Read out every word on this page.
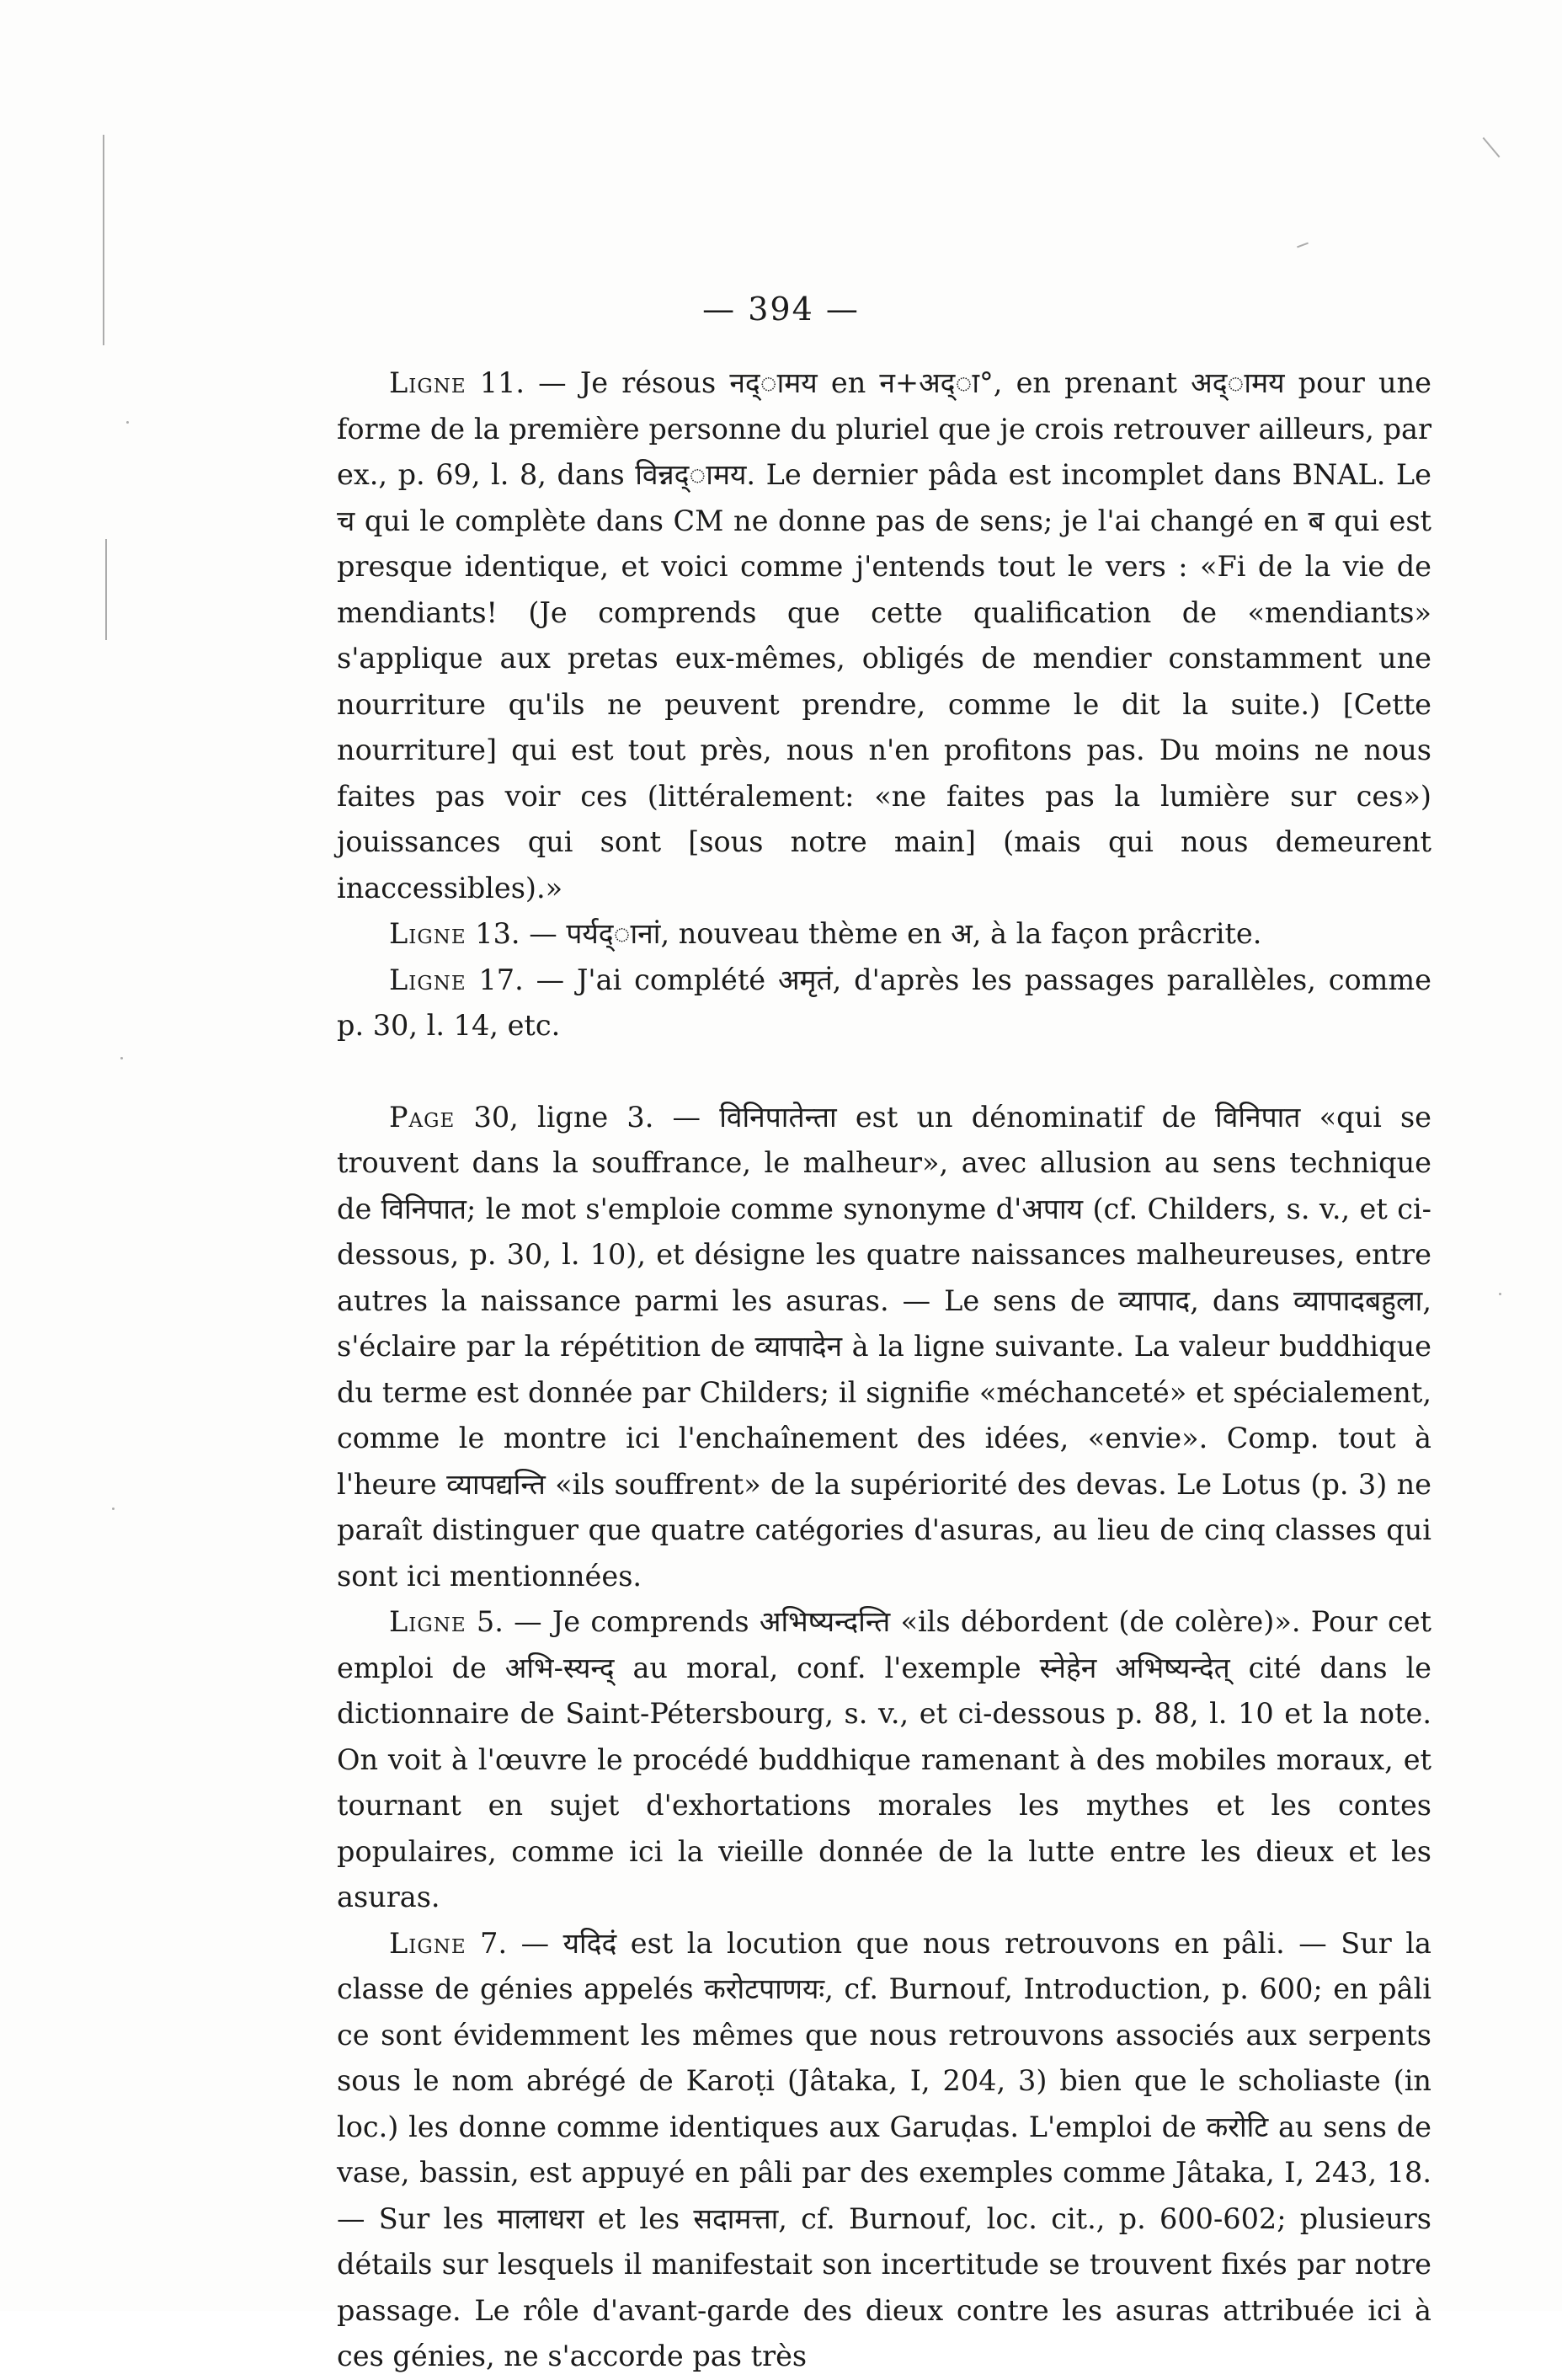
— 394 —

Ligne 11. — Je résous नद्ामय en न+अद्ा°, en prenant अद्ामय pour une forme de la première personne du pluriel que je crois retrouver ailleurs, par ex., p. 69, l. 8, dans विन्नद्ामय. Le dernier pâda est incomplet dans BNAL. Le च qui le complète dans CM ne donne pas de sens; je l'ai changé en ब qui est presque identique, et voici comme j'entends tout le vers : «Fi de la vie de mendiants! (Je comprends que cette qualification de «mendiants» s'applique aux pretas eux-mêmes, obligés de mendier constamment une nourriture qu'ils ne peuvent prendre, comme le dit la suite.) [Cette nourriture] qui est tout près, nous n'en profitons pas. Du moins ne nous faites pas voir ces (littéralement: «ne faites pas la lumière sur ces») jouissances qui sont [sous notre main] (mais qui nous demeurent inaccessibles).»

Ligne 13. — पर्यद्ानां, nouveau thème en अ, à la façon prâcrite.

Ligne 17. — J'ai complété अमृतं, d'après les passages parallèles, comme p. 30, l. 14, etc.

Page 30, ligne 3. — विनिपातेन्ता est un dénominatif de विनिपात «qui se trouvent dans la souffrance, le malheur», avec allusion au sens technique de विनिपात; le mot s'emploie comme synonyme d'अपाय (cf. Childers, s. v., et ci-dessous, p. 30, l. 10), et désigne les quatre naissances malheureuses, entre autres la naissance parmi les asuras. — Le sens de व्यापाद, dans व्यापादबहुला, s'éclaire par la répétition de व्यापादेन à la ligne suivante. La valeur buddhique du terme est donnée par Childers; il signifie «méchanceté» et spécialement, comme le montre ici l'enchaînement des idées, «envie». Comp. tout à l'heure व्यापद्यन्ति «ils souffrent» de la supériorité des devas. Le Lotus (p. 3) ne paraît distinguer que quatre catégories d'asuras, au lieu de cinq classes qui sont ici mentionnées.

Ligne 5. — Je comprends अभिष्यन्दन्ति «ils débordent (de colère)». Pour cet emploi de अभि-स्यन्द् au moral, conf. l'exemple स्नेहेन अभिष्यन्देत् cité dans le dictionnaire de Saint-Pétersbourg, s. v., et ci-dessous p. 88, l. 10 et la note. On voit à l'œuvre le procédé buddhique ramenant à des mobiles moraux, et tournant en sujet d'exhortations morales les mythes et les contes populaires, comme ici la vieille donnée de la lutte entre les dieux et les asuras.

Ligne 7. — यदिदं est la locution que nous retrouvons en pâli. — Sur la classe de génies appelés करोटपाणयः, cf. Burnouf, Introduction, p. 600; en pâli ce sont évidemment les mêmes que nous retrouvons associés aux serpents sous le nom abrégé de Karoṭi (Jâtaka, I, 204, 3) bien que le scholiaste (in loc.) les donne comme identiques aux Garuḍas. L'emploi de करोटि au sens de vase, bassin, est appuyé en pâli par des exemples comme Jâtaka, I, 243, 18. — Sur les मालाधरा et les सदामत्ता, cf. Burnouf, loc. cit., p. 600-602; plusieurs détails sur lesquels il manifestait son incertitude se trouvent fixés par notre passage. Le rôle d'avant-garde des dieux contre les asuras attribuée ici à ces génies, ne s'accorde pas très
